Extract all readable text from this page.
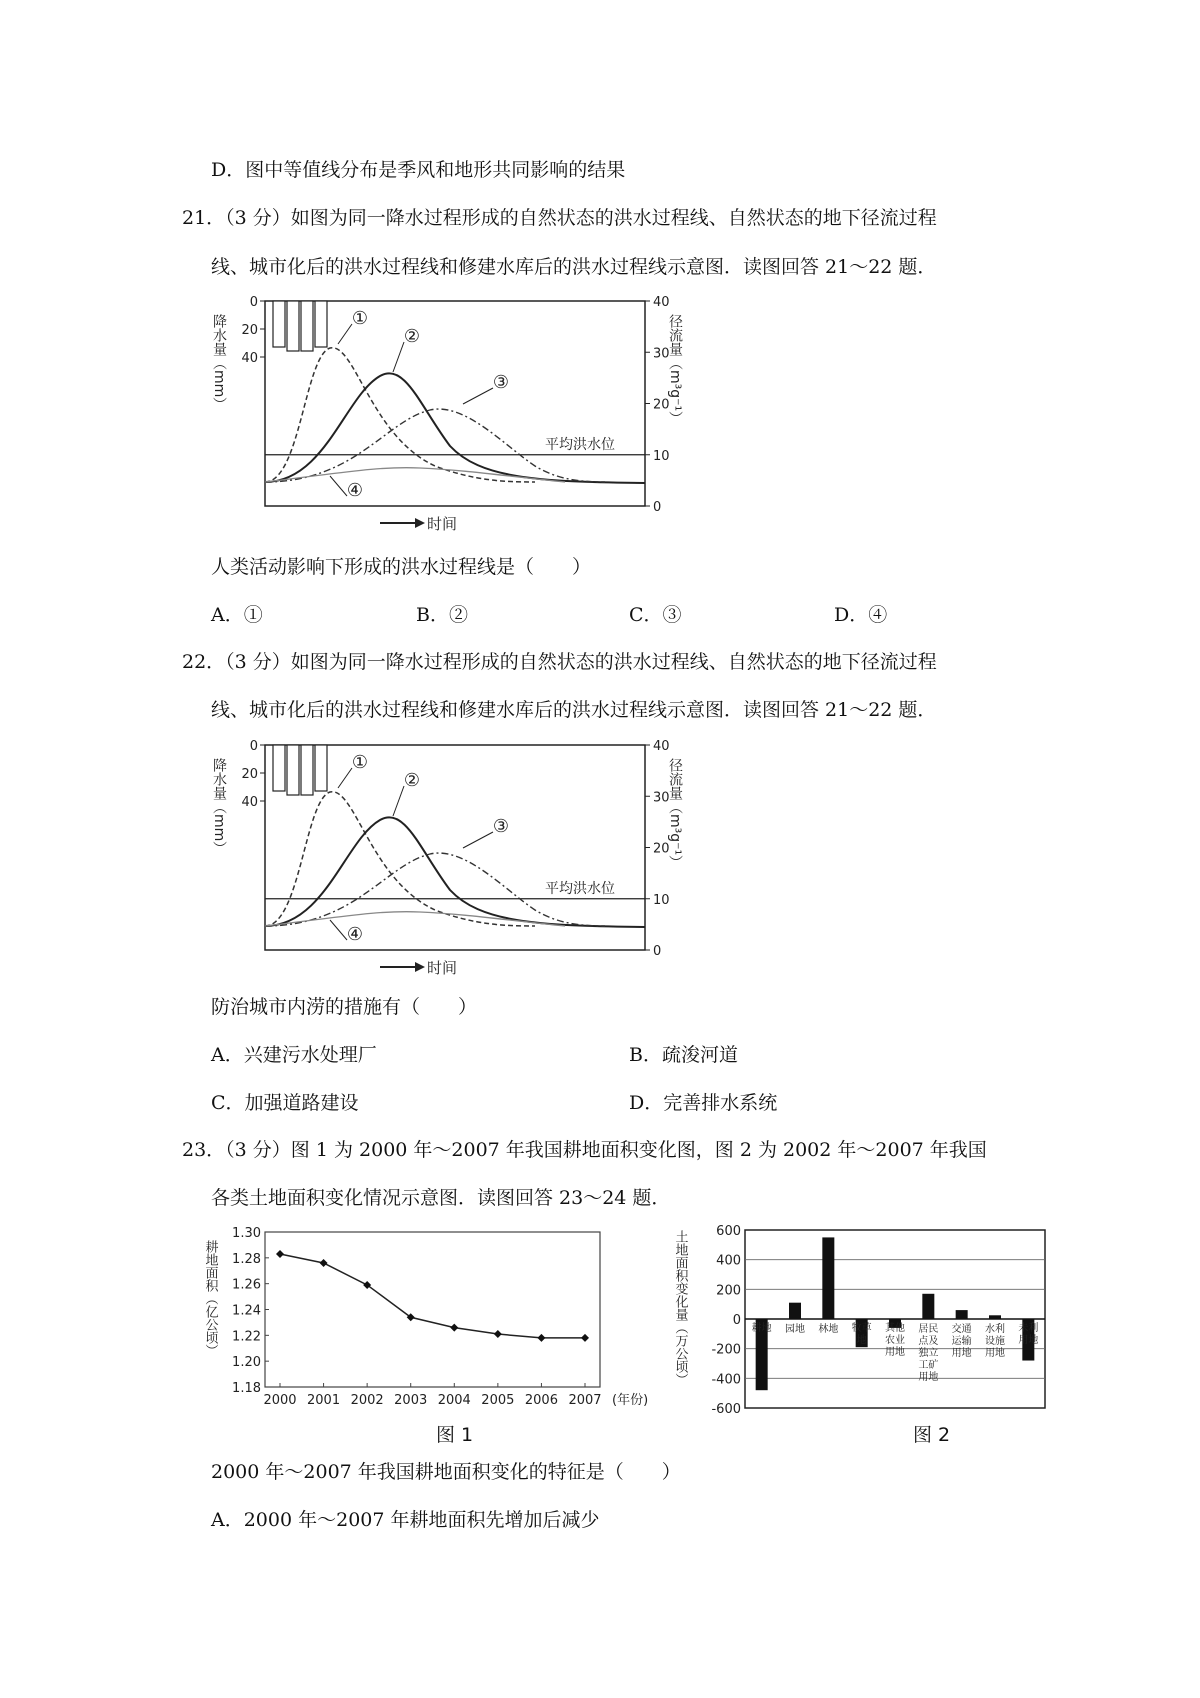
D．图中等值线分布是季风和地形共同影响的结果
21．（3 分）如图为同一降水过程形成的自然状态的洪水过程线、自然状态的地下径流过程
线、城市化后的洪水过程线和修建水库后的洪水过程线示意图．读图回答 21～22 题．
0
20
40
降水量（mm）
40
30
20
10
0
径流量（m³g⁻¹）
平均洪水位
①
②
③
④
时间
人类活动影响下形成的洪水过程线是（　　）
A．①	B．②	C．③	D．④
22．（3 分）如图为同一降水过程形成的自然状态的洪水过程线、自然状态的地下径流过程
线、城市化后的洪水过程线和修建水库后的洪水过程线示意图．读图回答 21～22 题．
0
20
40
降水量（mm）
40
30
20
10
0
径流量（m³g⁻¹）
平均洪水位
①
②
③
④
时间
防治城市内涝的措施有（　　）
A．兴建污水处理厂	B．疏浚河道
C．加强道路建设	D．完善排水系统
23．（3 分）图 1 为 2000 年～2007 年我国耕地面积变化图，图 2 为 2002 年～2007 年我国
各类土地面积变化情况示意图．读图回答 23～24 题．
1.18
1.20
1.22
1.24
1.26
1.28
1.30
耕地面积（亿公顷）
2000 2001 2002 2003 2004 2005 2006 2007 (年份)
600
400
200
0
-200
-400
-600
土地面积变化量（万公顷）	耕地 园地 林地 牧草地
其他农业用地
居民点及独立工矿用地
交通运输用地
水利设施用地
未利用地
图 1	图 2
2000 年～2007 年我国耕地面积变化的特征是（　　）
A．2000 年～2007 年耕地面积先增加后减少
